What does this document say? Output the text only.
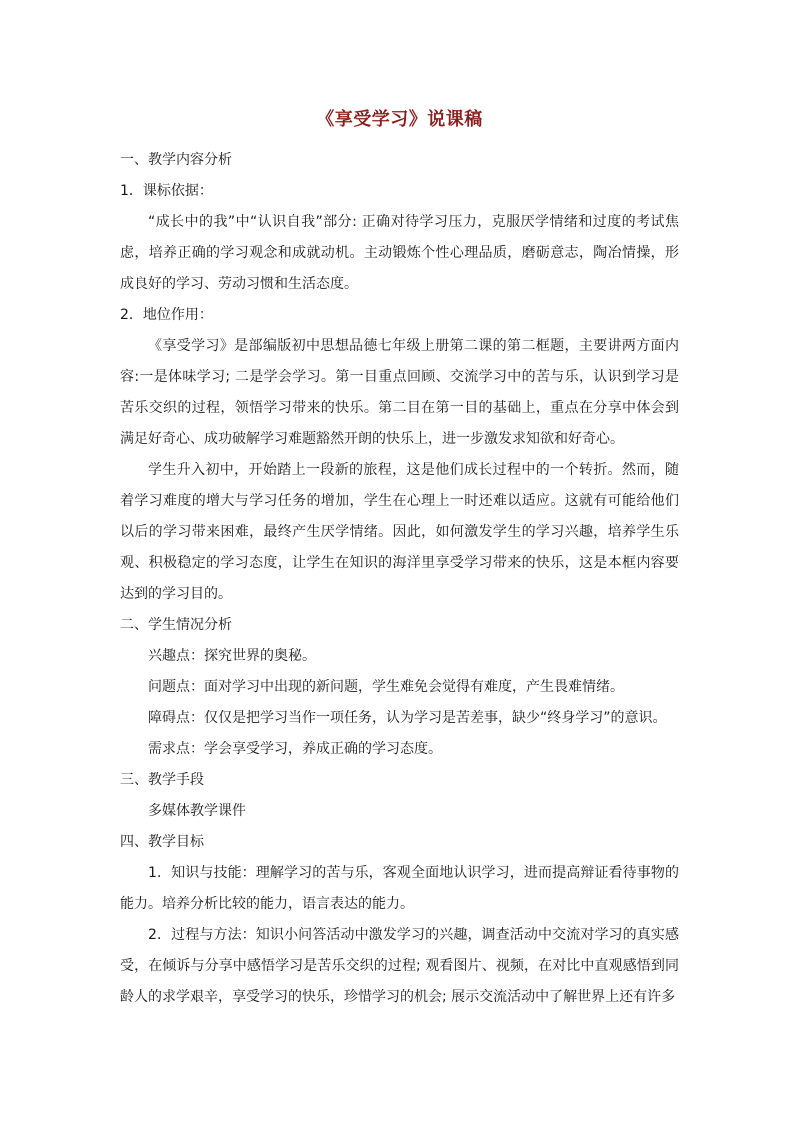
《享受学习》说课稿

一、教学内容分析

1．课标依据：

“成长中的我”中“认识自我”部分: 正确对待学习压力，克服厌学情绪和过度的考试焦虑，培养正确的学习观念和成就动机。主动锻炼个性心理品质，磨砺意志，陶冶情操，形成良好的学习、劳动习惯和生活态度。

2．地位作用：

《享受学习》是部编版初中思想品德七年级上册第二课的第二框题，主要讲两方面内容:一是体味学习; 二是学会学习。第一目重点回顾、交流学习中的苦与乐，认识到学习是苦乐交织的过程，领悟学习带来的快乐。第二目在第一目的基础上，重点在分享中体会到满足好奇心、成功破解学习难题豁然开朗的快乐上，进一步激发求知欲和好奇心。

学生升入初中，开始踏上一段新的旅程，这是他们成长过程中的一个转折。然而，随着学习难度的增大与学习任务的增加，学生在心理上一时还难以适应。这就有可能给他们以后的学习带来困难，最终产生厌学情绪。因此，如何激发学生的学习兴趣，培养学生乐观、积极稳定的学习态度，让学生在知识的海洋里享受学习带来的快乐，这是本框内容要达到的学习目的。

二、学生情况分析

兴趣点：探究世界的奥秘。

问题点：面对学习中出现的新问题，学生难免会觉得有难度，产生畏难情绪。

障碍点：仅仅是把学习当作一项任务，认为学习是苦差事，缺少“终身学习”的意识。

需求点：学会享受学习，养成正确的学习态度。

三、教学手段

多媒体教学课件

四、教学目标

1．知识与技能：理解学习的苦与乐，客观全面地认识学习，进而提高辩证看待事物的能力。培养分析比较的能力，语言表达的能力。

2．过程与方法：知识小问答活动中激发学习的兴趣，调查活动中交流对学习的真实感受，在倾诉与分享中感悟学习是苦乐交织的过程; 观看图片、视频，在对比中直观感悟到同龄人的求学艰辛，享受学习的快乐，珍惜学习的机会; 展示交流活动中了解世界上还有许多
